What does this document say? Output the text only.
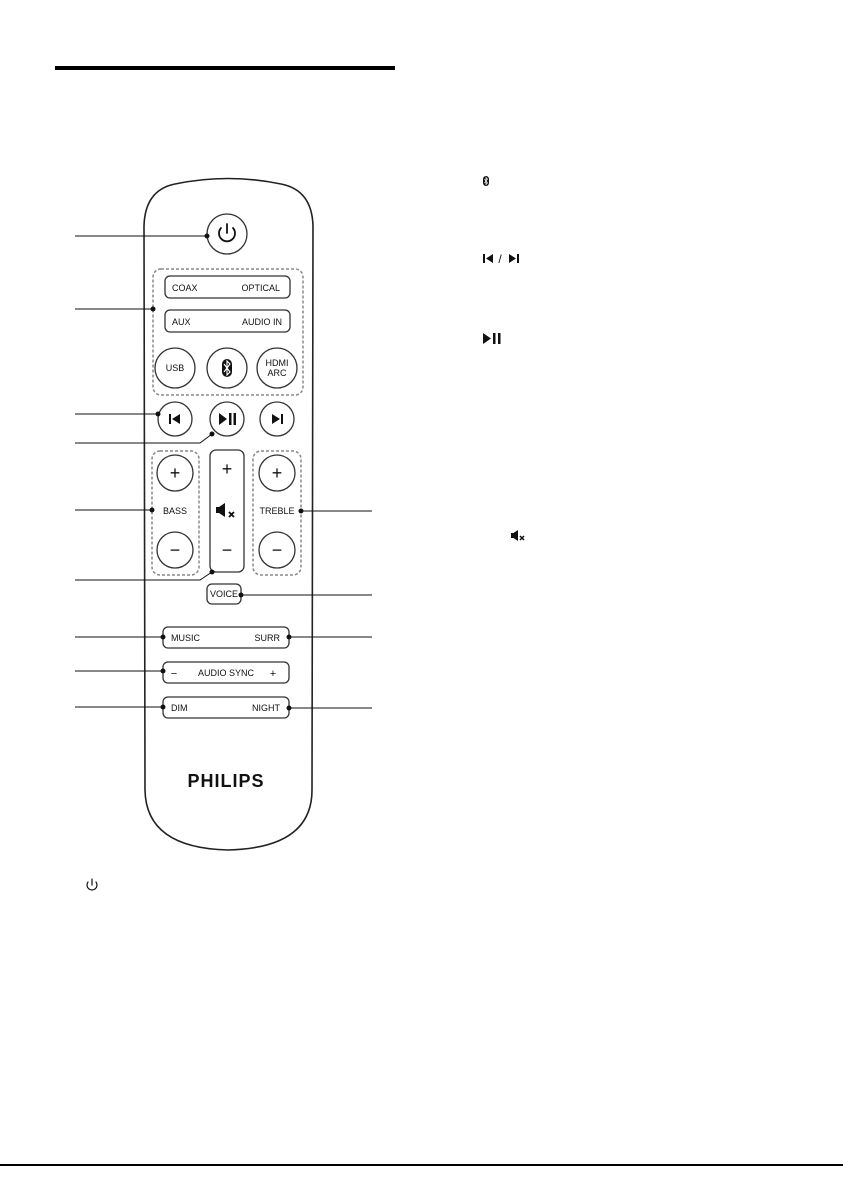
COAX	OPTICAL
AUX	AUDIO IN
USB	HDMI
ARC
+
BASS
−
+
−
+
TREBLE
−
VOICE
MUSIC	SURR
− AUDIO SYNC +
DIM	NIGHT
PHILIPS
/
